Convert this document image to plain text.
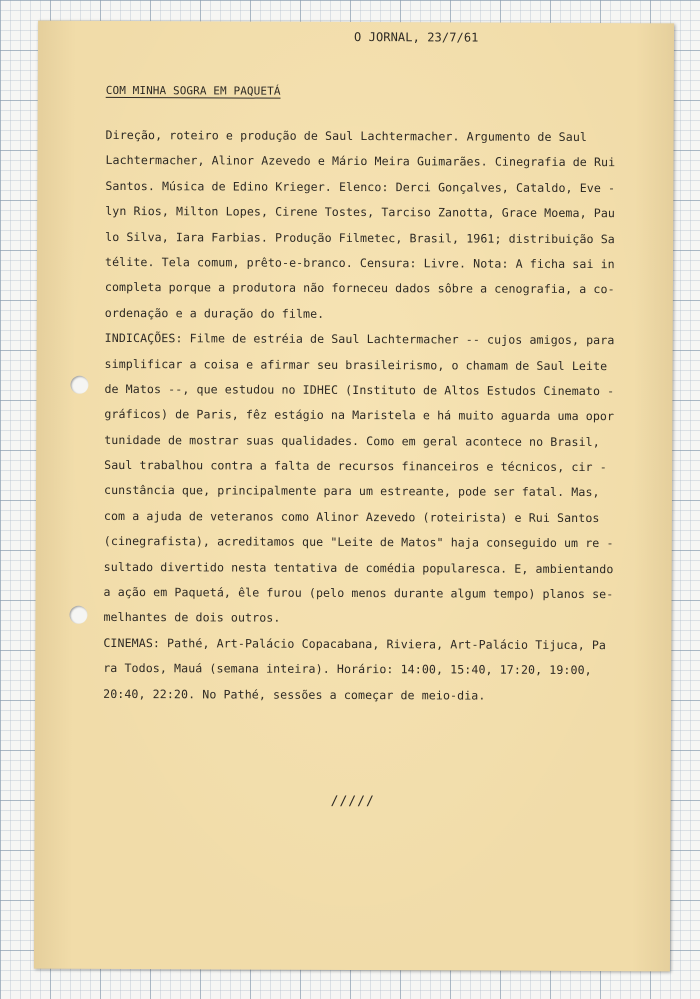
O JORNAL, 23/7/61
COM MINHA SOGRA EM PAQUETÁ
Direção, roteiro e produção de Saul Lachtermacher. Argumento de Saul
Lachtermacher, Alinor Azevedo e Mário Meira Guimarães. Cinegrafia de Rui
Santos. Música de Edino Krieger. Elenco: Derci Gonçalves, Cataldo, Eve -
lyn Rios, Milton Lopes, Cirene Tostes, Tarciso Zanotta, Grace Moema, Pau
lo Silva, Iara Farbias. Produção Filmetec, Brasil, 1961; distribuição Sa
télite. Tela comum, prêto-e-branco. Censura: Livre. Nota: A ficha sai in
completa porque a produtora não forneceu dados sôbre a cenografia, a co-
ordenação e a duração do filme.
INDICAÇÕES: Filme de estréia de Saul Lachtermacher -- cujos amigos, para
simplificar a coisa e afirmar seu brasileirismo, o chamam de Saul Leite
de Matos --, que estudou no IDHEC (Instituto de Altos Estudos Cinemato -
gráficos) de Paris, fêz estágio na Maristela e há muito aguarda uma opor
tunidade de mostrar suas qualidades. Como em geral acontece no Brasil,
Saul trabalhou contra a falta de recursos financeiros e técnicos, cir -
cunstância que, principalmente para um estreante, pode ser fatal. Mas,
com a ajuda de veteranos como Alinor Azevedo (roteirista) e Rui Santos
(cinegrafista), acreditamos que "Leite de Matos" haja conseguido um re -
sultado divertido nesta tentativa de comédia popularesca. E, ambientando
a ação em Paquetá, êle furou (pelo menos durante algum tempo) planos se-
melhantes de dois outros.
CINEMAS: Pathé, Art-Palácio Copacabana, Riviera, Art-Palácio Tijuca, Pa
ra Todos, Mauá (semana inteira). Horário: 14:00, 15:40, 17:20, 19:00,
20:40, 22:20. No Pathé, sessões a começar de meio-dia.
/////
